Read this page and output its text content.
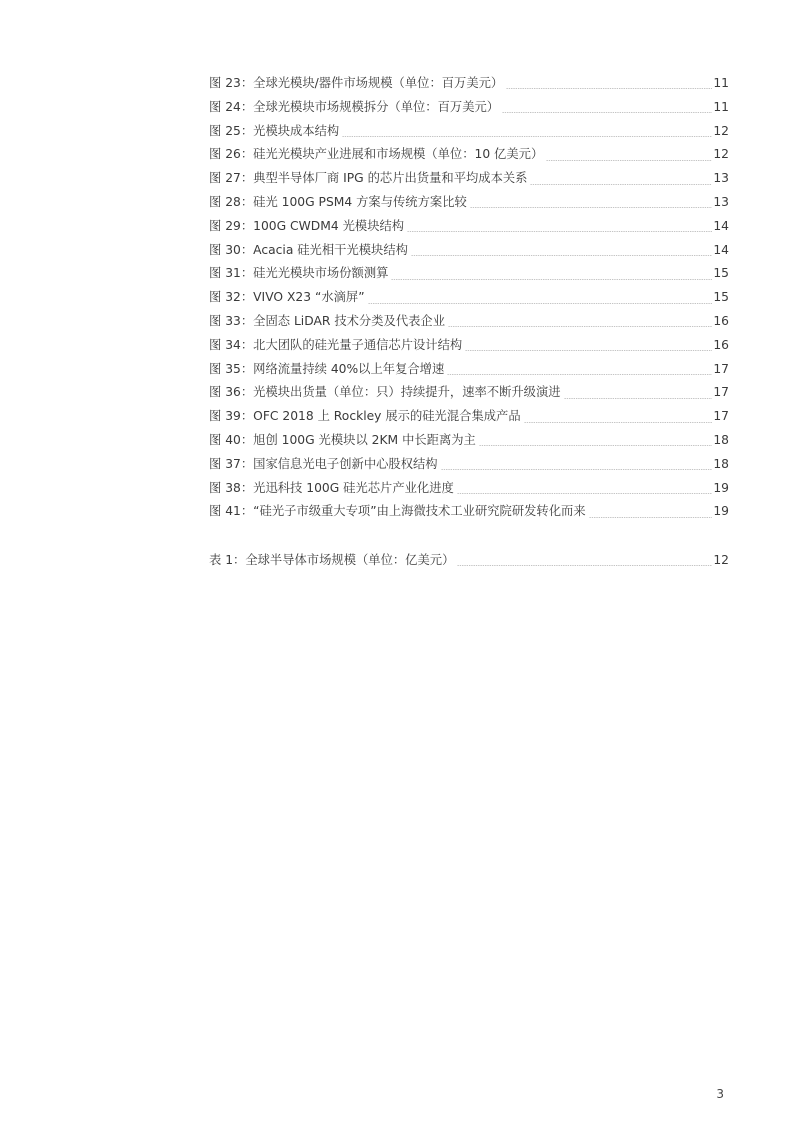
图 23：全球光模块/器件市场规模（单位：百万美元）	11
图 24：全球光模块市场规模拆分（单位：百万美元）	11
图 25：光模块成本结构	12
图 26：硅光光模块产业进展和市场规模（单位：10 亿美元）	12
图 27：典型半导体厂商 IPG 的芯片出货量和平均成本关系	13
图 28：硅光 100G PSM4 方案与传统方案比较	13
图 29：100G CWDM4 光模块结构	14
图 30：Acacia 硅光相干光模块结构	14
图 31：硅光光模块市场份额测算	15
图 32：VIVO X23 “水滴屏”	15
图 33：全固态 LiDAR 技术分类及代表企业	16
图 34：北大团队的硅光量子通信芯片设计结构	16
图 35：网络流量持续 40%以上年复合增速	17
图 36：光模块出货量（单位：只）持续提升，速率不断升级演进	17
图 39：OFC 2018 上 Rockley 展示的硅光混合集成产品	17
图 40：旭创 100G 光模块以 2KM 中长距离为主	18
图 37：国家信息光电子创新中心股权结构	18
图 38：光迅科技 100G 硅光芯片产业化进度	19
图 41：“硅光子市级重大专项”由上海微技术工业研究院研发转化而来	19
表 1：全球半导体市场规模（单位：亿美元）	12
3
